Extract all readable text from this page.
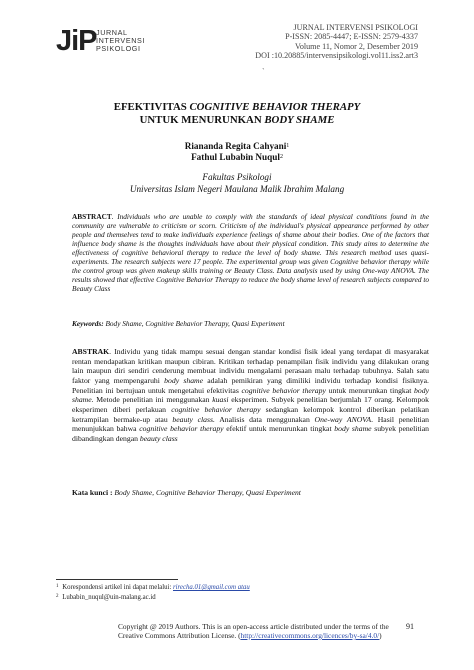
JiP JURNAL
INTERVENSI
PSIKOLOGI
JURNAL INTERVENSI PSIKOLOGI
P-ISSN: 2085-4447; E-ISSN: 2579-4337
Volume 11, Nomor 2, Desember 2019
DOI :10.20885/intervensipsikologi.vol11.iss2.art3
`
EFEKTIVITAS COGNITIVE BEHAVIOR THERAPY
UNTUK MENURUNKAN BODY SHAME
Riananda Regita Cahyani$^1$
Fathul Lubabin Nuqul$^2$
Fakultas Psikologi
Universitas Islam Negeri Maulana Malik Ibrahim Malang
ABSTRACT. Individuals who are unable to comply with the standards of ideal physical conditions found in the community are vulnerable to criticism or scorn. Criticism of the individual's physical appearance performed by other people and themselves tend to make individuals experience feelings of shame about their bodies. One of the factors that influence body shame is the thoughts individuals have about their physical condition. This study aims to determine the effectiveness of cognitive behavioral therapy to reduce the level of body shame. This research method uses quasi-experiments. The research subjects were 17 people. The experimental group was given Cognitive behavior therapy while the control group was given makeup skills training or Beauty Class. Data analysis used by using One-way ANOVA. The results showed that effective Cognitive Behavior Therapy to reduce the body shame level of research subjects compared to Beauty Class
Keywords: Body Shame, Cognitive Behavior Therapy, Quasi Experiment
ABSTRAK. Individu yang tidak mampu sesuai dengan standar kondisi fisik ideal yang terdapat di masyarakat rentan mendapatkan kritikan maupun cibiran. Kritikan terhadap penampilan fisik individu yang dilakukan orang lain maupun diri sendiri cenderung membuat individu mengalami perasaan malu terhadap tubuhnya. Salah satu faktor yang mempengaruhi body shame adalah pemikiran yang dimiliki individu terhadap kondisi fisiknya. Penelitian ini bertujuan untuk mengetahui efektivitas cognitive behavior therapy untuk menurunkan tingkat body shame. Metode penelitian ini menggunakan kuasi eksperimen. Subyek penelitian berjumlah 17 orang. Kelompok eksperimen diberi perlakuan cognitive behavior therapy sedangkan kelompok kontrol diberikan pelatikan ketrampilan bermake-up atau beauty class. Analisis data menggunakan One-way ANOVA. Hasil penelitian menunjukkan bahwa cognitive behavior therapy efektif untuk menurunkan tingkat body shame subyek penelitian dibandingkan dengan beauty class
Kata kunci : Body Shame, Cognitive Behavior Therapy, Quasi Experiment
$^1$ Korespondensi artikel ini dapat melalui: rirecha.01@gmail.com atau
$^2$ Lubabin_nuqul@uin-malang.ac.id
Copyright @ 2019 Authors. This is an open-access article distributed under the terms of the
Creative Commons Attribution License. (http://creativecommons.org/licences/by-sa/4.0/)
91
